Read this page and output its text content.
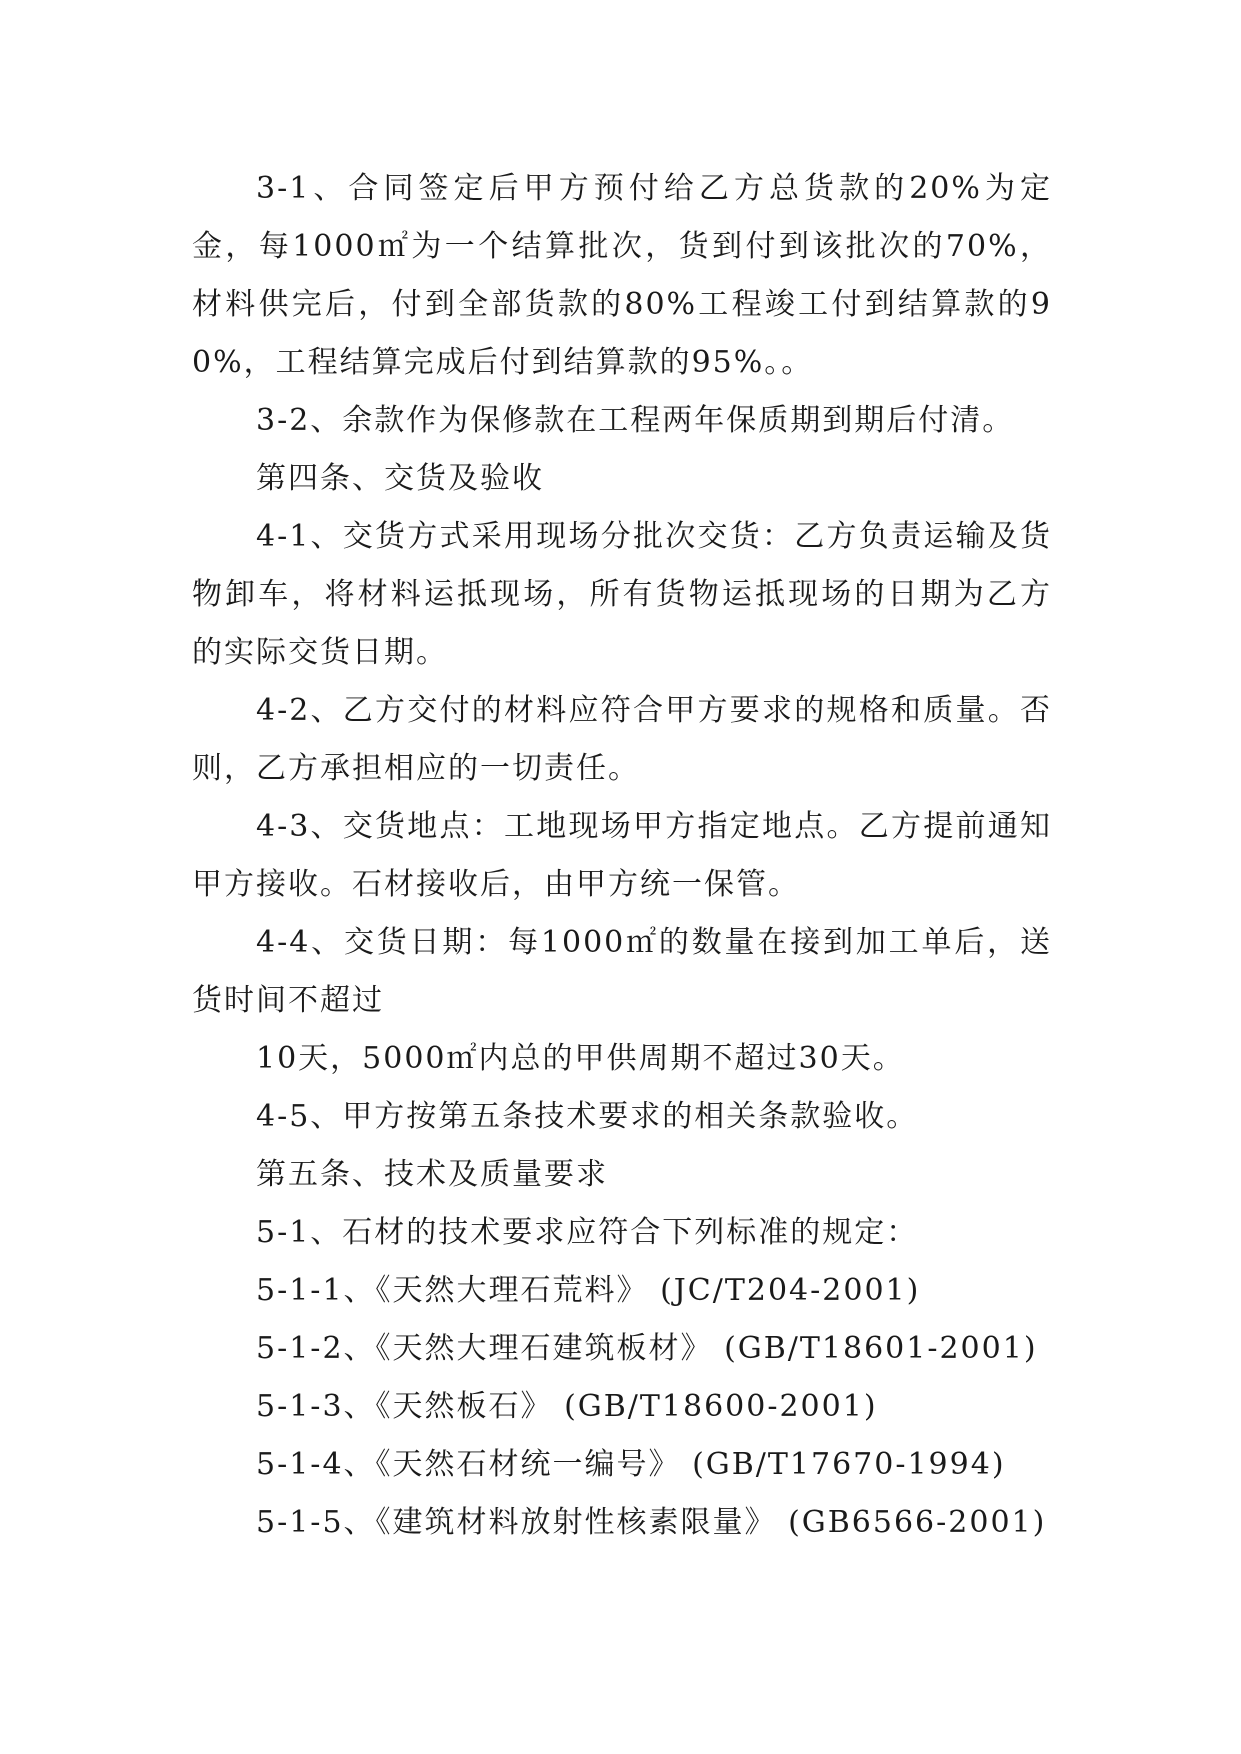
3-1、合同签定后甲方预付给乙方总货款的20%为定金，每1000㎡为一个结算批次，货到付到该批次的70%，材料供完后，付到全部货款的80%工程竣工付到结算款的90%，工程结算完成后付到结算款的95%。。

3-2、余款作为保修款在工程两年保质期到期后付清。

第四条、交货及验收

4-1、交货方式采用现场分批次交货：乙方负责运输及货物卸车，将材料运抵现场，所有货物运抵现场的日期为乙方的实际交货日期。

4-2、乙方交付的材料应符合甲方要求的规格和质量。否则，乙方承担相应的一切责任。

4-3、交货地点：工地现场甲方指定地点。乙方提前通知甲方接收。石材接收后，由甲方统一保管。

4-4、交货日期：每1000㎡的数量在接到加工单后，送货时间不超过

10天，5000㎡内总的甲供周期不超过30天。

4-5、甲方按第五条技术要求的相关条款验收。

第五条、技术及质量要求

5-1、石材的技术要求应符合下列标准的规定：

5-1-1、《天然大理石荒料》 (JC/T204-2001)

5-1-2、《天然大理石建筑板材》 (GB/T18601-2001)

5-1-3、《天然板石》 (GB/T18600-2001)

5-1-4、《天然石材统一编号》 (GB/T17670-1994)

5-1-5、《建筑材料放射性核素限量》 (GB6566-2001)
